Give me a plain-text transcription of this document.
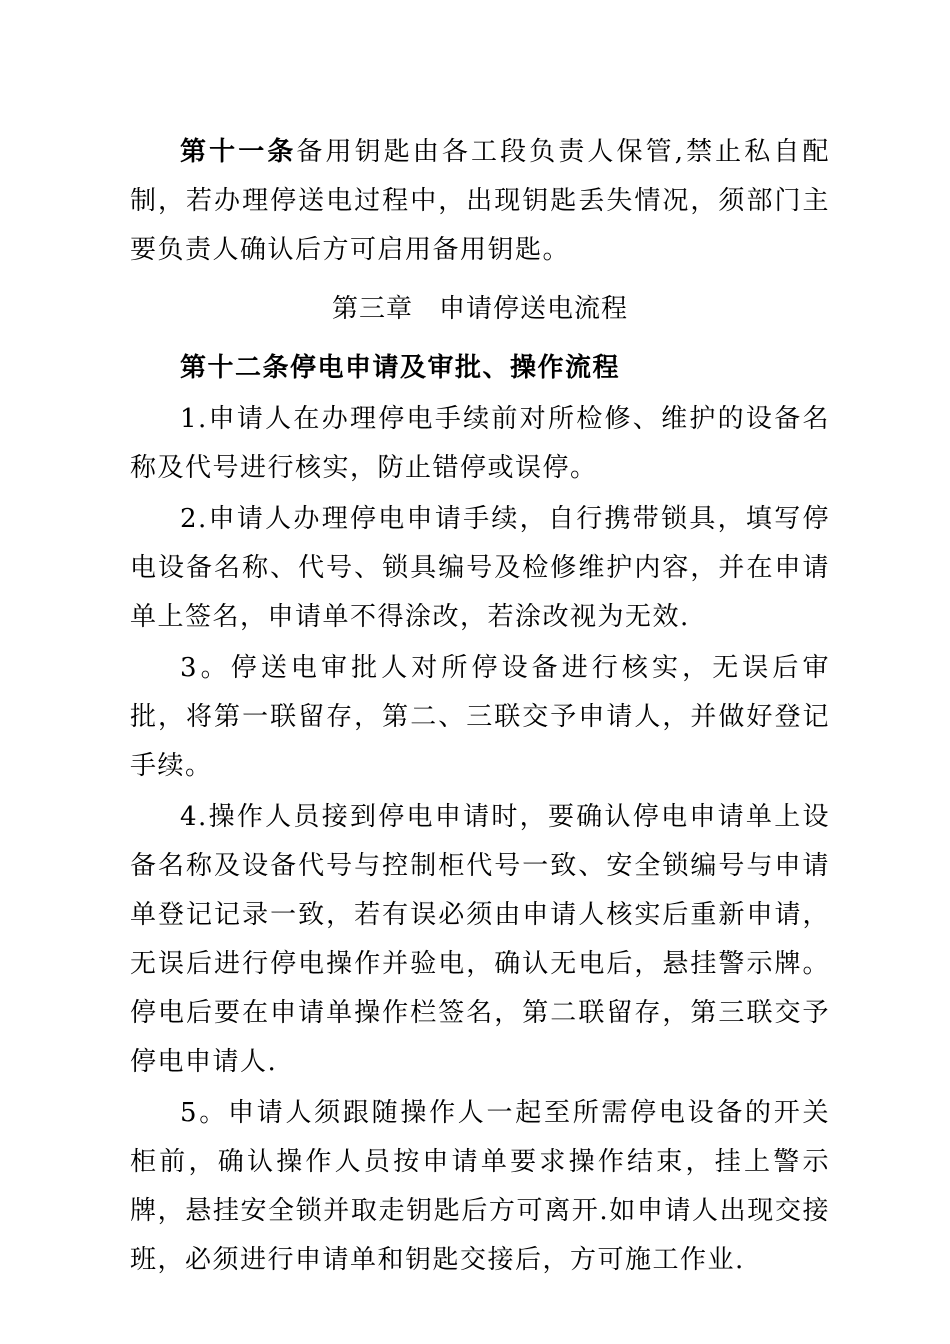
第十一条备用钥匙由各工段负责人保管,禁止私自配制，若办理停送电过程中，出现钥匙丢失情况，须部门主要负责人确认后方可启用备用钥匙。

第三章 申请停送电流程

第十二条停电申请及审批、操作流程

1.申请人在办理停电手续前对所检修、维护的设备名称及代号进行核实，防止错停或误停。

2.申请人办理停电申请手续，自行携带锁具，填写停电设备名称、代号、锁具编号及检修维护内容，并在申请单上签名，申请单不得涂改，若涂改视为无效.

3。停送电审批人对所停设备进行核实，无误后审批，将第一联留存，第二、三联交予申请人，并做好登记手续。

4.操作人员接到停电申请时，要确认停电申请单上设备名称及设备代号与控制柜代号一致、安全锁编号与申请单登记记录一致，若有误必须由申请人核实后重新申请，无误后进行停电操作并验电，确认无电后，悬挂警示牌。停电后要在申请单操作栏签名，第二联留存，第三联交予停电申请人.

5。申请人须跟随操作人一起至所需停电设备的开关柜前，确认操作人员按申请单要求操作结束，挂上警示牌，悬挂安全锁并取走钥匙后方可离开.如申请人出现交接班，必须进行申请单和钥匙交接后，方可施工作业.
